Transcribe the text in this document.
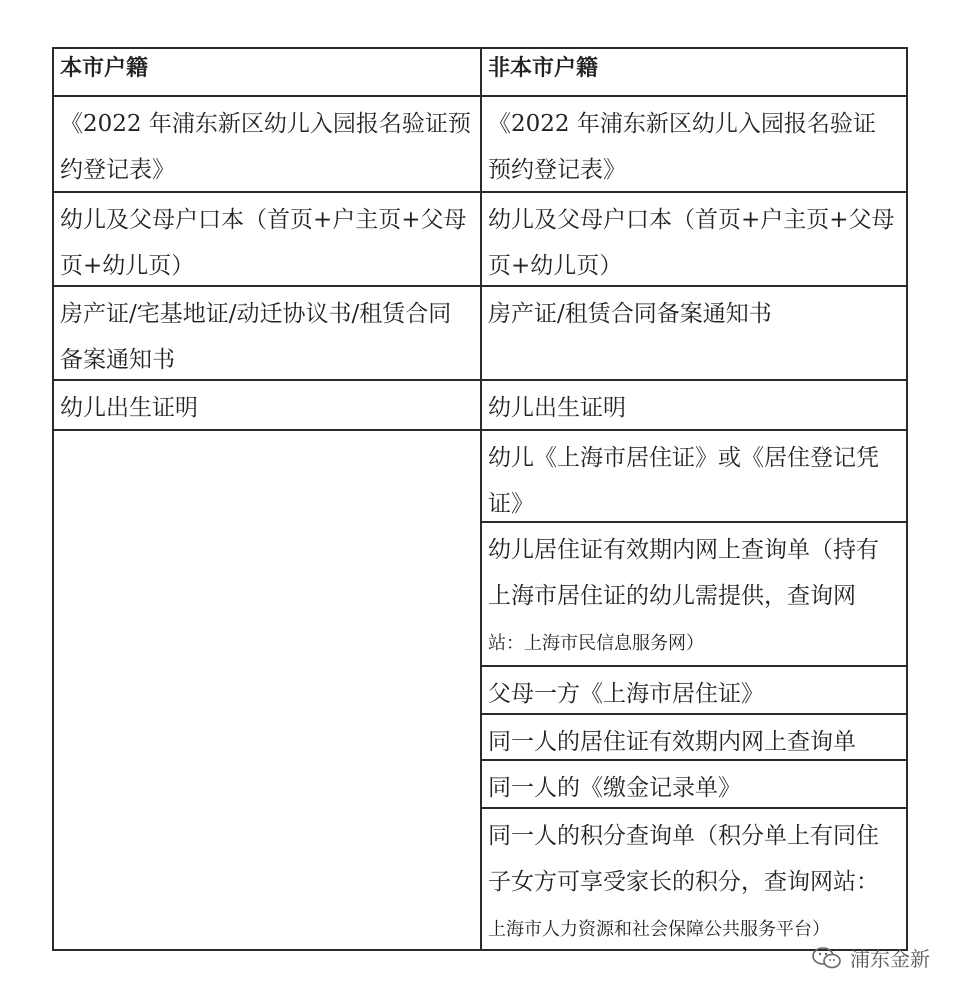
本市户籍	非本市户籍
《2022 年浦东新区幼儿入园报名验证预约登记表》
幼儿及父母户口本（首页+户主页+父母页+幼儿页）
房产证/宅基地证/动迁协议书/租赁合同备案通知书
幼儿出生证明
《2022 年浦东新区幼儿入园报名验证预约登记表》
幼儿及父母户口本（首页+户主页+父母页+幼儿页）
房产证/租赁合同备案通知书
幼儿出生证明
幼儿《上海市居住证》或《居住登记凭证》
幼儿居住证有效期内网上查询单（持有上海市居住证的幼儿需提供，查询网
站：上海市民信息服务网）
父母一方《上海市居住证》
同一人的居住证有效期内网上查询单
同一人的《缴金记录单》
同一人的积分查询单（积分单上有同住子女方可享受家长的积分，查询网站：
上海市人力资源和社会保障公共服务平台）
浦东金新
